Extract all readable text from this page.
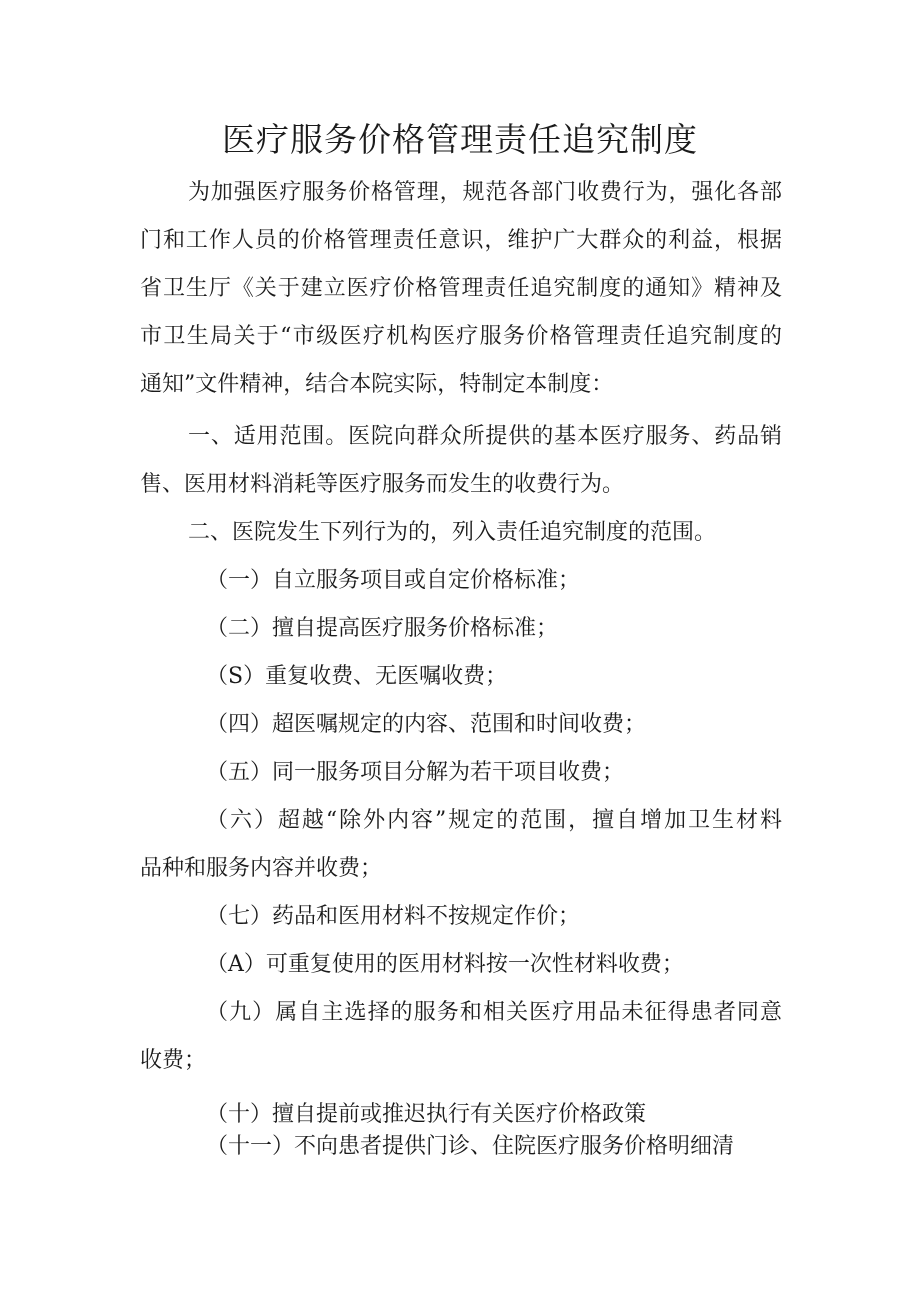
医疗服务价格管理责任追究制度
为加强医疗服务价格管理，规范各部门收费行为，强化各部
门和工作人员的价格管理责任意识，维护广大群众的利益，根据
省卫生厅《关于建立医疗价格管理责任追究制度的通知》精神及
市卫生局关于“市级医疗机构医疗服务价格管理责任追究制度的
通知”文件精神，结合本院实际，特制定本制度：
一、适用范围。医院向群众所提供的基本医疗服务、药品销
售、医用材料消耗等医疗服务而发生的收费行为。
二、医院发生下列行为的，列入责任追究制度的范围。
（一）自立服务项目或自定价格标准；
（二）擅自提高医疗服务价格标准；
（S）重复收费、无医嘱收费；
（四）超医嘱规定的内容、范围和时间收费；
（五）同一服务项目分解为若干项目收费；
（六）超越“除外内容”规定的范围，擅自增加卫生材料
品种和服务内容并收费；
（七）药品和医用材料不按规定作价；
（A）可重复使用的医用材料按一次性材料收费；
（九）属自主选择的服务和相关医疗用品未征得患者同意
收费；
（十）擅自提前或推迟执行有关医疗价格政策
（十一）不向患者提供门诊、住院医疗服务价格明细清
